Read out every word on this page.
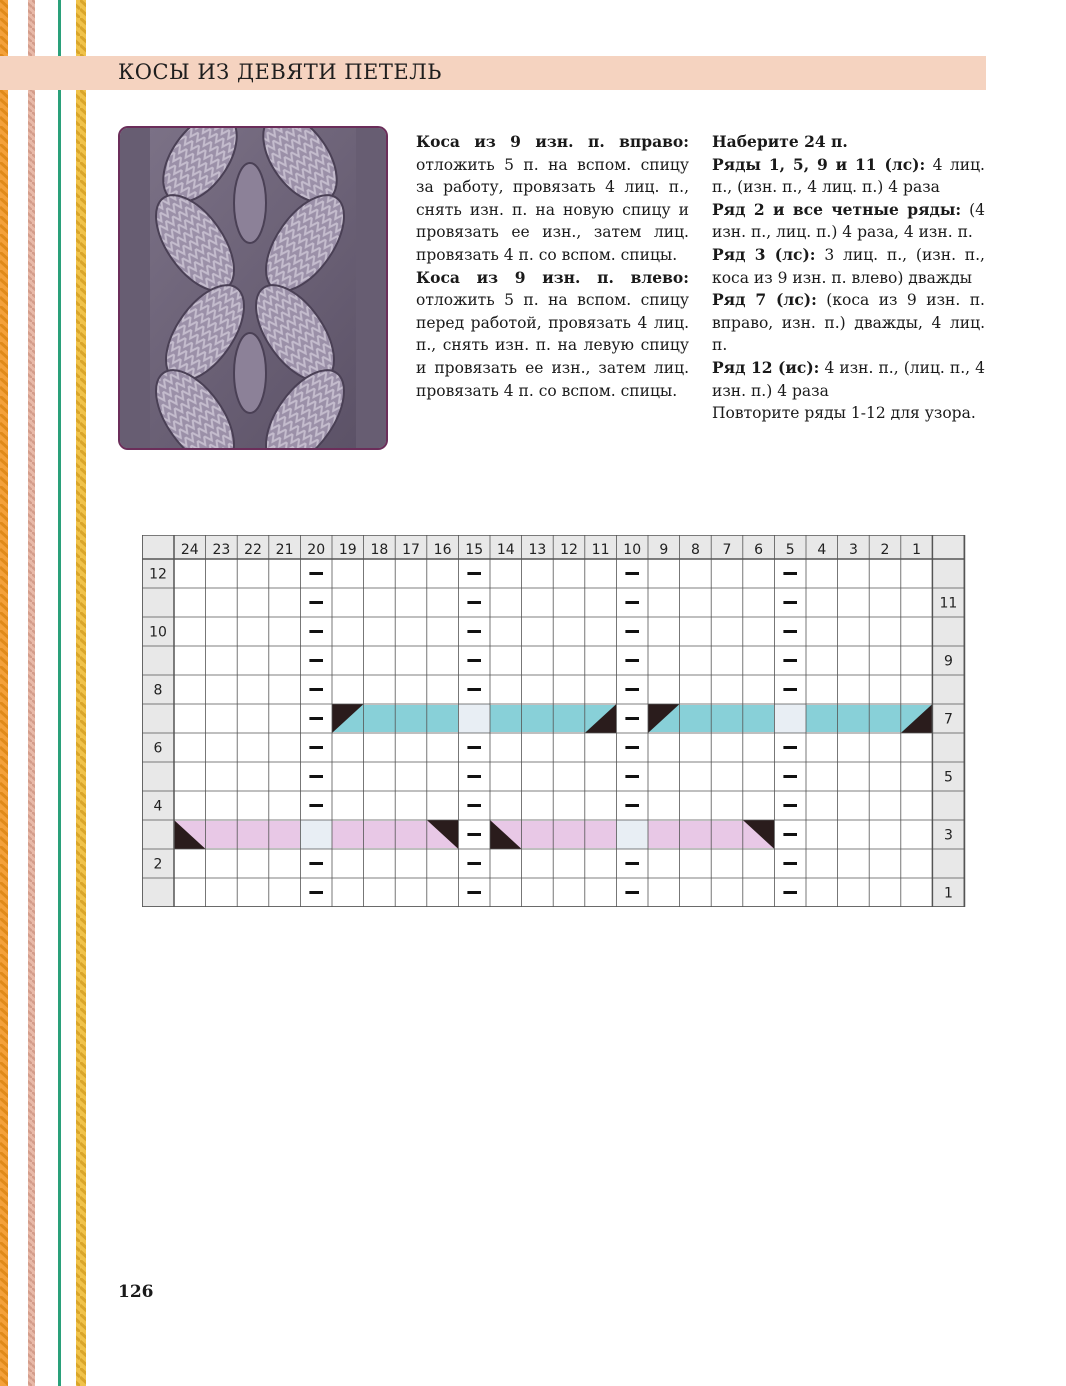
КОСЫ ИЗ ДЕВЯТИ ПЕТЕЛЬ

Коса из 9 изн. п. вправо: отложить 5 п. на вспом. спицу за работу, провязать 4 лиц. п., снять изн. п. на новую спицу и провязать ее изн., затем лиц. провязать 4 п. со вспом. спицы.

Коса из 9 изн. п. влево: отложить 5 п. на вспом. спицу перед работой, провязать 4 лиц. п., снять изн. п. на левую спицу и провязать ее изн., затем лиц. провязать 4 п. со вспом. спицы.

Наберите 24 п.

Ряды 1, 5, 9 и 11 (лс): 4 лиц. п., (изн. п., 4 лиц. п.) 4 раза

Ряд 2 и все четные ряды: (4 изн. п., лиц. п.) 4 раза, 4 изн. п.

Ряд 3 (лс): 3 лиц. п., (изн. п., коса из 9 изн. п. влево) дважды

Ряд 7 (лс): (коса из 9 изн. п. вправо, изн. п.) дважды, 4 лиц. п.

Ряд 12 (ис): 4 изн. п., (лиц. п., 4 изн. п.) 4 раза

Повторите ряды 1-12 для узора.

24 23 22 21 20 19 18 17 16 15 14 13 12 11 10 9 8 7 6 5 4 3 2 1
12
10
8
6
4
2
11
9
7
5
3
1
126
